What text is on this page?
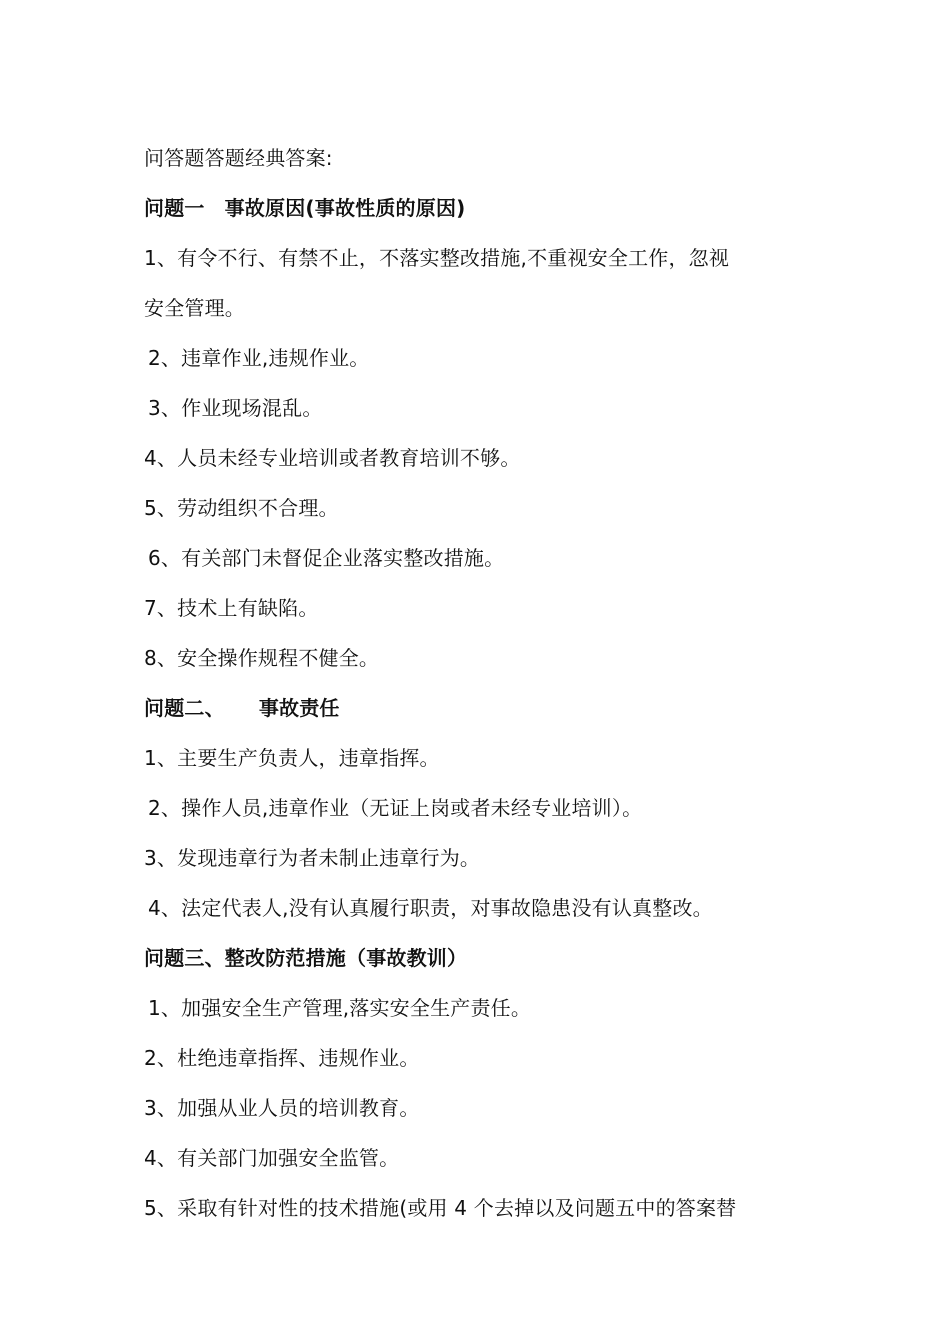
问答题答题经典答案:
问题一 事故原因(事故性质的原因)
1、有令不行、有禁不止，不落实整改措施,不重视安全工作，忽视
安全管理。
2、违章作业,违规作业。
3、作业现场混乱。
4、人员未经专业培训或者教育培训不够。
5、劳动组织不合理。
6、有关部门未督促企业落实整改措施。
7、技术上有缺陷。
8、安全操作规程不健全。
问题二、 事故责任
1、主要生产负责人，违章指挥。
2、操作人员,违章作业（无证上岗或者未经专业培训）。
3、发现违章行为者未制止违章行为。
4、法定代表人,没有认真履行职责，对事故隐患没有认真整改。
问题三、整改防范措施（事故教训）
1、加强安全生产管理,落实安全生产责任。
2、杜绝违章指挥、违规作业。
3、加强从业人员的培训教育。
4、有关部门加强安全监管。
5、采取有针对性的技术措施(或用 4 个去掉以及问题五中的答案替
